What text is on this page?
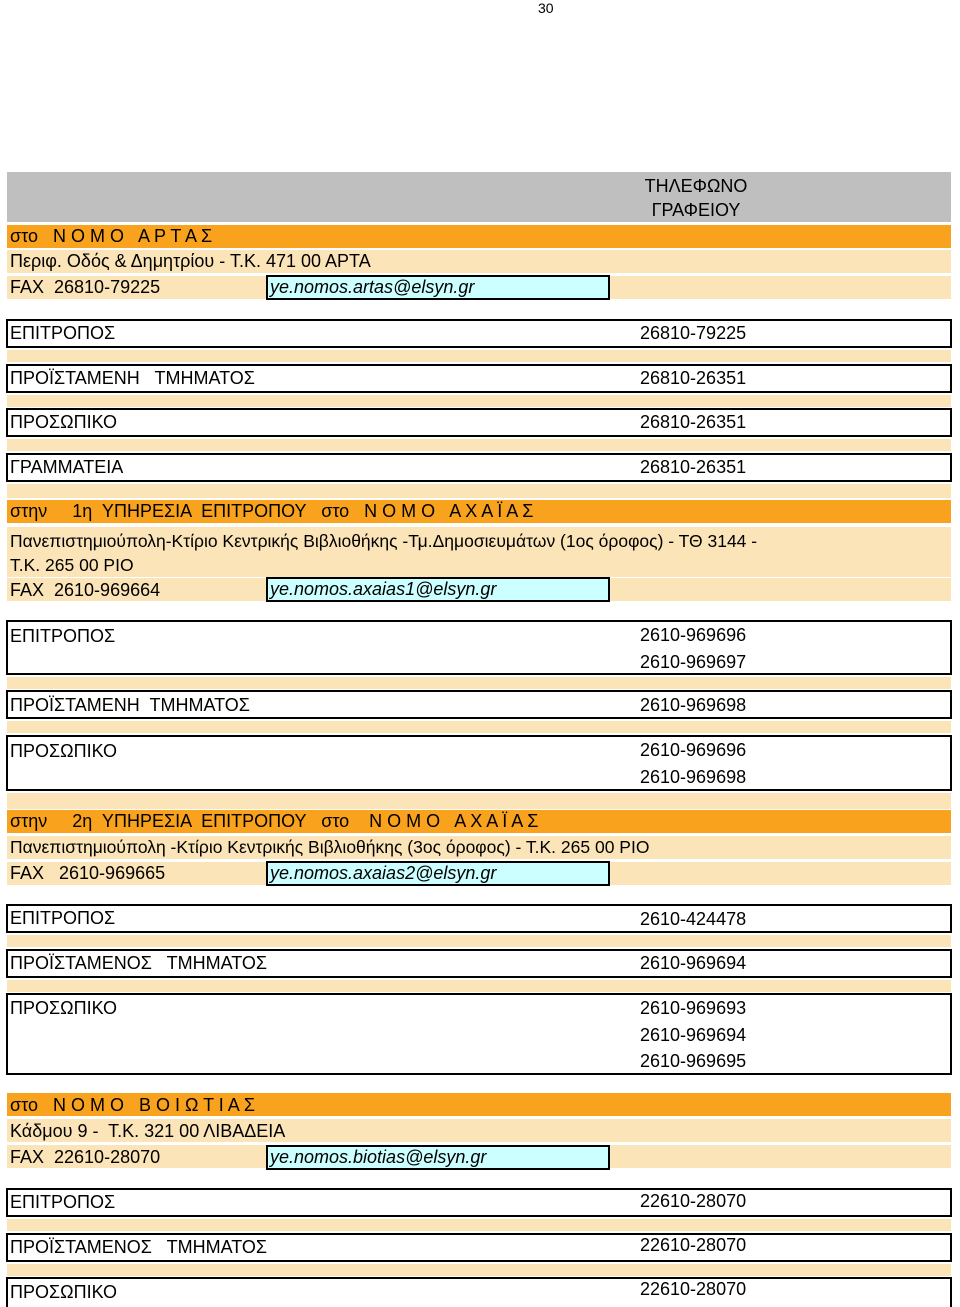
30
ΤΗΛΕΦΩΝΟ
ΓΡΑΦΕΙΟΥ
στο   Ν Ο Μ Ο   Α Ρ Τ Α Σ
Περιφ. Οδός & Δημητρίου - Τ.Κ. 471 00 ΑΡΤΑ
FAX  26810-79225	ye.nomos.artas@elsyn.gr
ΕΠΙΤΡΟΠΟΣ	26810-79225
ΠΡΟΪΣΤΑΜΕΝΗ   ΤΜΗΜΑΤΟΣ	26810-26351
ΠΡΟΣΩΠΙΚΟ	26810-26351
ΓΡΑΜΜΑΤΕΙΑ	26810-26351
στην     1η  ΥΠΗΡΕΣΙΑ  ΕΠΙΤΡΟΠΟΥ   στο   Ν Ο Μ Ο   Α Χ Α Ϊ Α Σ
Πανεπιστημιούπολη-Κτίριο Κεντρικής Βιβλιοθήκης -Τμ.Δημοσιευμάτων (1ος όροφος) - ΤΘ 3144 -
Τ.Κ. 265 00 ΡΙΟ
FAX  2610-969664	ye.nomos.axaias1@elsyn.gr
ΕΠΙΤΡΟΠΟΣ	2610-969696
2610-969697
ΠΡΟΪΣΤΑΜΕΝΗ  ΤΜΗΜΑΤΟΣ	2610-969698
ΠΡΟΣΩΠΙΚΟ	2610-969696
2610-969698
στην     2η  ΥΠΗΡΕΣΙΑ  ΕΠΙΤΡΟΠΟΥ   στο    Ν Ο Μ Ο   Α Χ Α Ϊ Α Σ
Πανεπιστημιούπολη -Κτίριο Κεντρικής Βιβλιοθήκης (3ος όροφος) - Τ.Κ. 265 00 ΡΙΟ
FAX   2610-969665	ye.nomos.axaias2@elsyn.gr
ΕΠΙΤΡΟΠΟΣ	2610-424478
ΠΡΟΪΣΤΑΜΕΝΟΣ   ΤΜΗΜΑΤΟΣ	2610-969694
ΠΡΟΣΩΠΙΚΟ	2610-969693
2610-969694
2610-969695
στο   Ν Ο Μ Ο   Β Ο Ι Ω Τ Ι Α Σ
Κάδμου 9 -  Τ.Κ. 321 00 ΛΙΒΑΔΕΙΑ
FAX  22610-28070	ye.nomos.biotias@elsyn.gr
ΕΠΙΤΡΟΠΟΣ	22610-28070
ΠΡΟΪΣΤΑΜΕΝΟΣ   ΤΜΗΜΑΤΟΣ	22610-28070
ΠΡΟΣΩΠΙΚΟ	22610-28070
